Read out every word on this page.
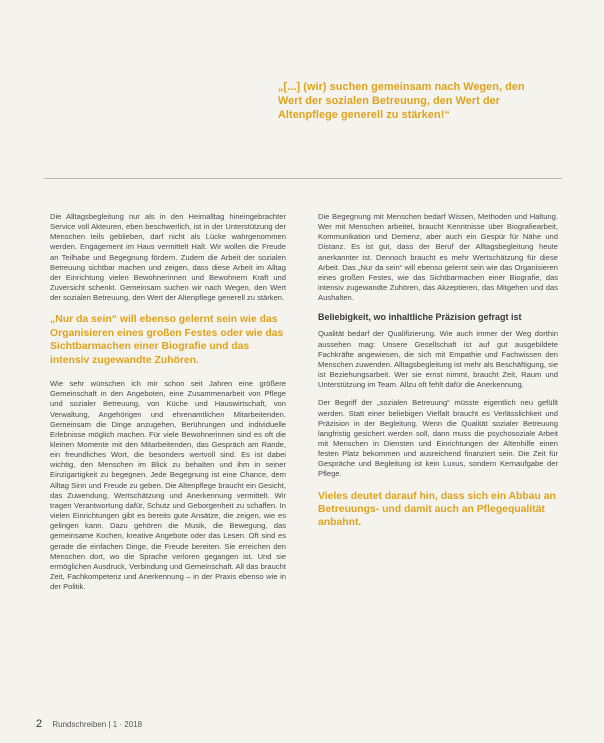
„[...] (wir) suchen gemeinsam nach Wegen, den Wert der sozialen Betreuung, den Wert der Altenpflege generell zu stärken!“

Die Alltagsbegleitung nur als in den Heimalltag hineingebrachter Service voll Akteuren, eben beschwerlich, ist in der Unterstützung der Menschen teils geblieben, darf nicht als Lücke wahrgenommen werden. Engagement im Haus vermittelt Halt. Wir wollen die Freude an Teilhabe und Begegnung fördern. Zudem die Arbeit der sozialen Betreuung sichtbar machen und zeigen, dass diese Arbeit im Alltag der Einrichtung vielen Bewohnerinnen und Bewohnern Kraft und Zuversicht schenkt. Gemeinsam suchen wir nach Wegen, den Wert der sozialen Betreuung, den Wert der Altenpflege generell zu stärken.

„Nur da sein“ will ebenso gelernt sein wie das Organisieren eines großen Festes oder wie das Sichtbarmachen einer Biografie und das intensiv zugewandte Zuhören.

Wie sehr wünschen ich mir schon seit Jahren eine größere Gemeinschaft in den Angeboten, eine Zusammenarbeit von Pflege und sozialer Betreuung, von Küche und Hauswirtschaft, von Verwaltung, Angehörigen und ehrenamtlichen Mitarbeitenden. Gemeinsam die Dinge anzugehen, Berührungen und individuelle Erlebnisse möglich machen. Für viele Bewohnerinnen sind es oft die kleinen Momente mit den Mitarbeitenden, das Gespräch am Rande, ein freundliches Wort, die besonders wertvoll sind. Es ist dabei wichtig, den Menschen im Blick zu behalten und ihm in seiner Einzigartigkeit zu begegnen. Jede Begegnung ist eine Chance, dem Alltag Sinn und Freude zu geben. Die Altenpflege braucht ein Gesicht, das Zuwendung, Wertschätzung und Anerkennung vermittelt. Wir tragen Verantwortung dafür, Schutz und Geborgenheit zu schaffen. In vielen Einrichtungen gibt es bereits gute Ansätze, die zeigen, wie es gelingen kann. Dazu gehören die Musik, die Bewegung, das gemeinsame Kochen, kreative Angebote oder das Lesen. Oft sind es gerade die einfachen Dinge, die Freude bereiten. Sie erreichen den Menschen dort, wo die Sprache verloren gegangen ist. Und sie ermöglichen Ausdruck, Verbindung und Gemeinschaft. All das braucht Zeit, Fachkompetenz und Anerkennung – in der Praxis ebenso wie in der Politik.

Die Begegnung mit Menschen bedarf Wissen, Methoden und Haltung. Wer mit Menschen arbeitet, braucht Kenntnisse über Biografiearbeit, Kommunikation und Demenz, aber auch ein Gespür für Nähe und Distanz. Es ist gut, dass der Beruf der Alltagsbegleitung heute anerkannter ist. Dennoch braucht es mehr Wertschätzung für diese Arbeit. Das „Nur da sein“ will ebenso gelernt sein wie das Organisieren eines großen Festes, wie das Sichtbarmachen einer Biografie, das intensiv zugewandte Zuhören, das Akzeptieren, das Mitgehen und das Aushalten.

Beliebigkeit, wo inhaltliche Präzision gefragt ist

Qualität bedarf der Qualifizierung. Wie auch immer der Weg dorthin aussehen mag: Unsere Gesellschaft ist auf gut ausgebildete Fachkräfte angewiesen, die sich mit Empathie und Fachwissen den Menschen zuwenden. Alltagsbegleitung ist mehr als Beschäftigung, sie ist Beziehungsarbeit. Wer sie ernst nimmt, braucht Zeit, Raum und Unterstützung im Team. Allzu oft fehlt dafür die Anerkennung.

Der Begriff der „sozialen Betreuung“ müsste eigentlich neu gefüllt werden. Statt einer beliebigen Vielfalt braucht es Verlässlichkeit und Präzision in der Begleitung. Wenn die Qualität sozialer Betreuung langfristig gesichert werden soll, dann muss die psychosoziale Arbeit mit Menschen in Diensten und Einrichtungen der Altenhilfe einen festen Platz bekommen und ausreichend finanziert sein. Die Zeit für Gespräche und Begleitung ist kein Luxus, sondern Kernaufgabe der Pflege.

Vieles deutet darauf hin, dass sich ein Abbau an Betreuungs- und damit auch an Pflegequalität anbahnt.
2 Rundschreiben | 1 · 2018
